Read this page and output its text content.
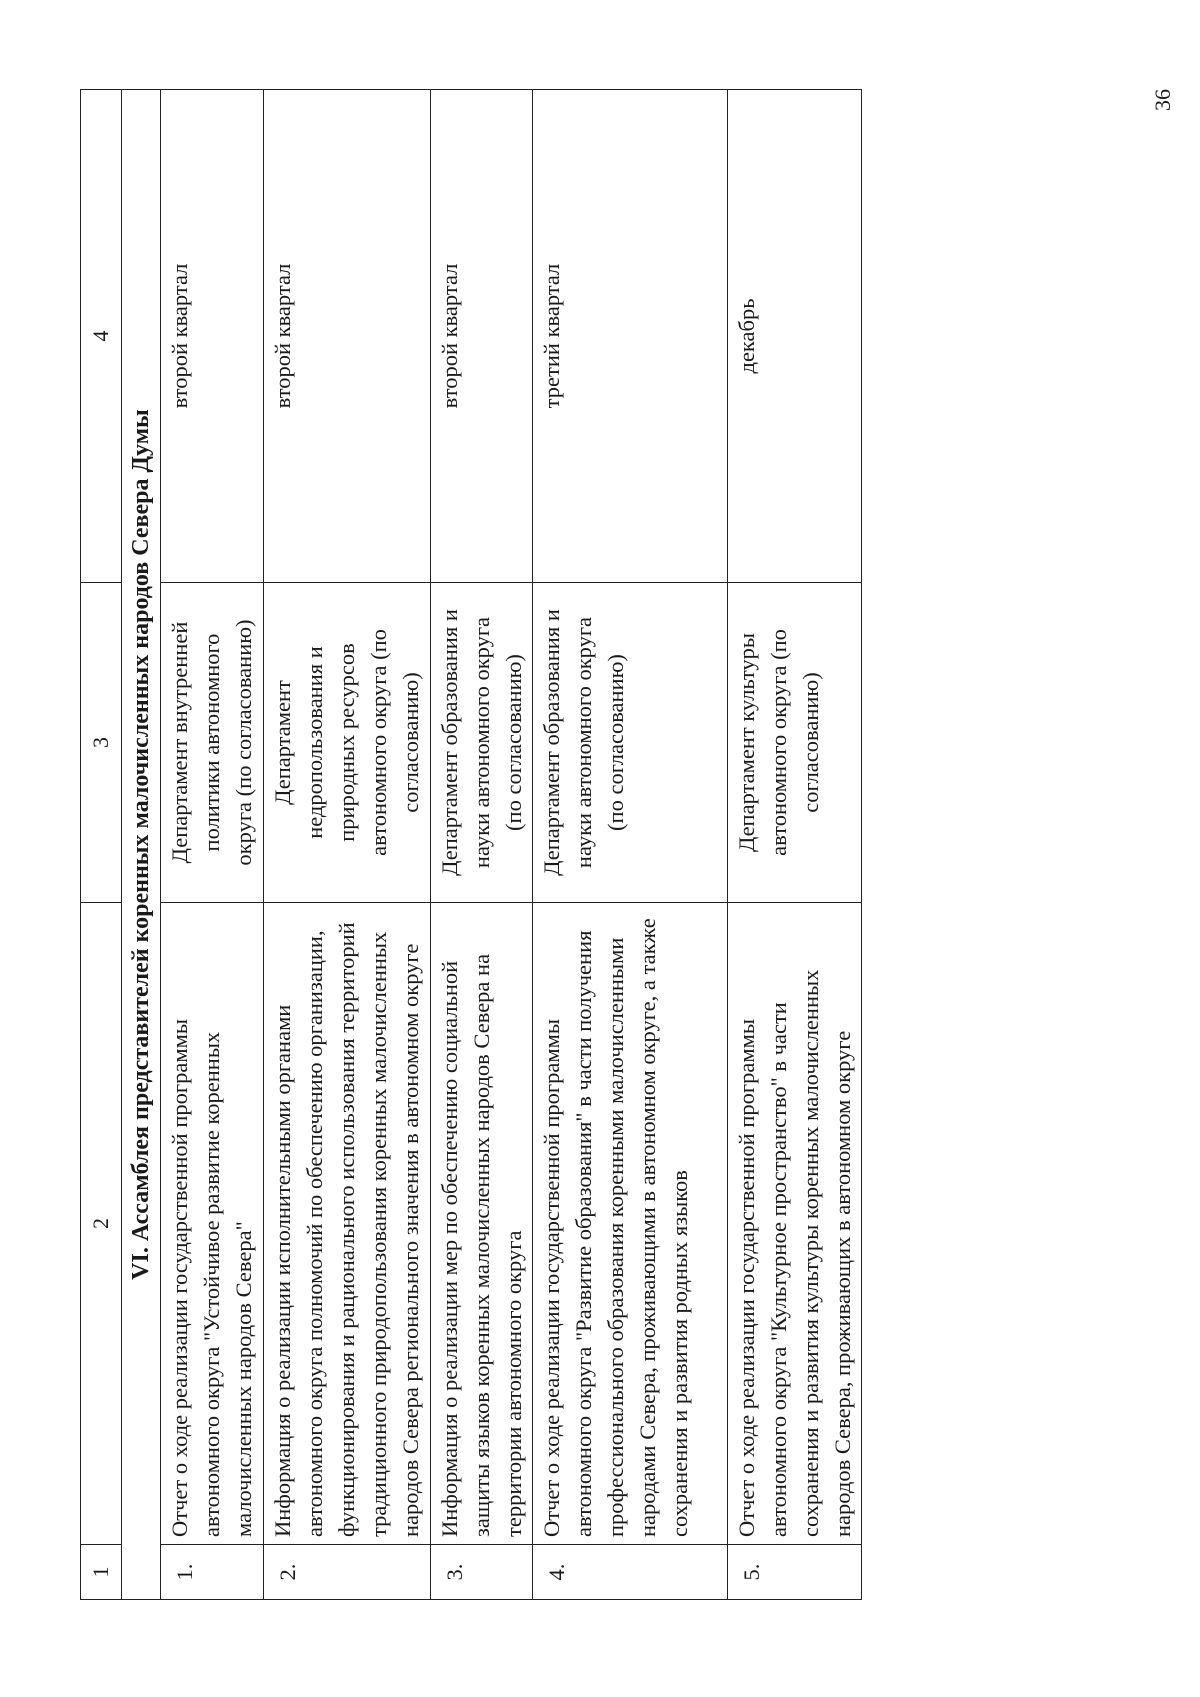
36
1	2	3	4
VI. Ассамблея представителей коренных малочисленных народов Севера Думы			
1.	Отчет о ходе реализации государственной программы автономного округа "Устойчивое развитие коренных малочисленных народов Севера"	Департамент внутренней политики автономного округа (по согласованию)	второй квартал
2.	Информация о реализации исполнительными органами автономного округа полномочий по обеспечению организации, функционирования и рационального использования территорий традиционного природопользования коренных малочисленных народов Севера регионального значения в автономном округе	Департамент недропользования и природных ресурсов автономного округа (по согласованию)	второй квартал
3.	Информация о реализации мер по обеспечению социальной защиты языков коренных малочисленных народов Севера на территории автономного округа	Департамент образования и науки автономного округа (по согласованию)	второй квартал
4.	Отчет о ходе реализации государственной программы автономного округа "Развитие образования" в части получения профессионального образования коренными малочисленными народами Севера, проживающими в автономном округе, а также сохранения и развития родных языков	Департамент образования и науки автономного округа (по согласованию)	третий квартал
5.	Отчет о ходе реализации государственной программы автономного округа "Культурное пространство" в части сохранения и развития культуры коренных малочисленных народов Севера, проживающих в автономном округе	Департамент культуры автономного округа (по согласованию)	декабрь
